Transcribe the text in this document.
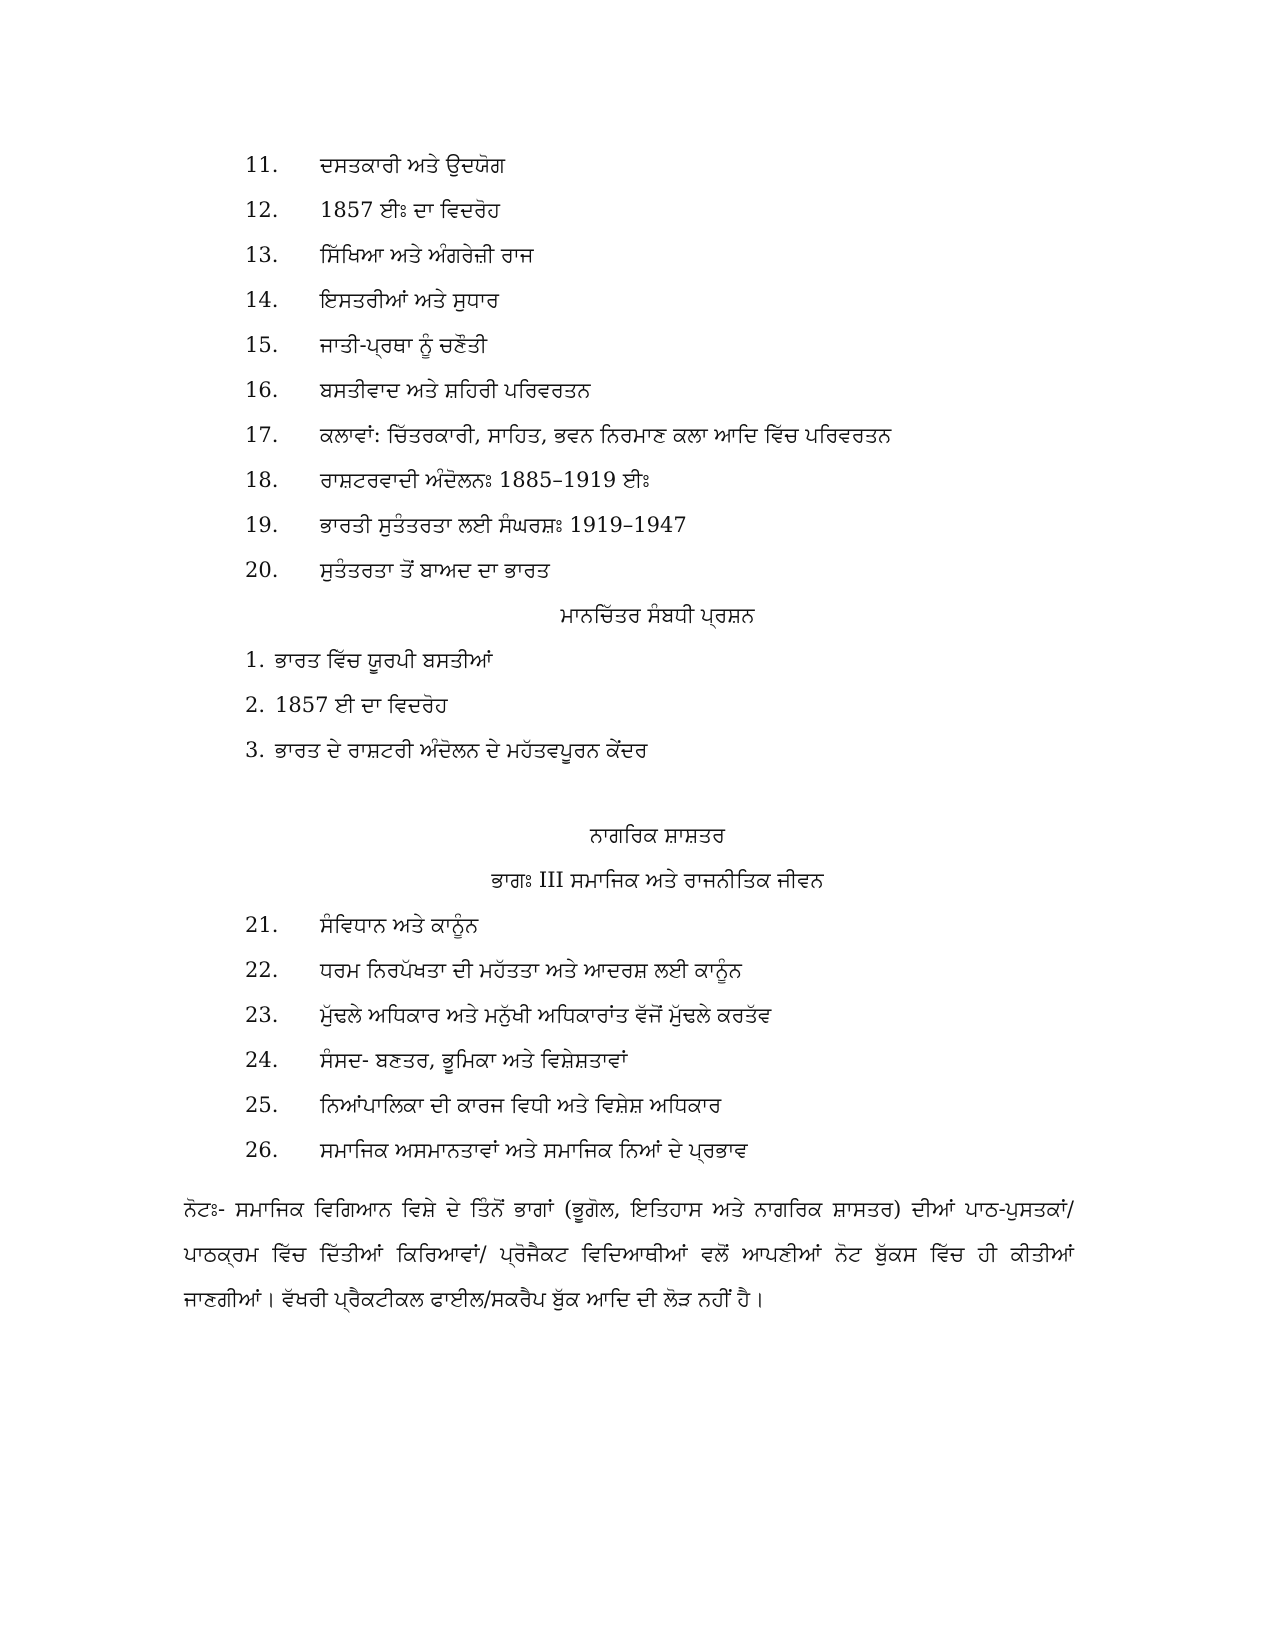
11. ਦਸਤਕਾਰੀ ਅਤੇ ਉਦਯੋਗ
12. 1857 ਈਃ ਦਾ ਵਿਦਰੋਹ
13. ਸਿੱਖਿਆ ਅਤੇ ਅੰਗਰੇਜ਼ੀ ਰਾਜ
14. ਇਸਤਰੀਆਂ ਅਤੇ ਸੁਧਾਰ
15. ਜਾਤੀ-ਪ੍ਰਥਾ ਨੂੰ ਚਣੌਤੀ
16. ਬਸਤੀਵਾਦ ਅਤੇ ਸ਼ਹਿਰੀ ਪਰਿਵਰਤਨ
17. ਕਲਾਵਾਂ: ਚਿੱਤਰਕਾਰੀ, ਸਾਹਿਤ, ਭਵਨ ਨਿਰਮਾਣ ਕਲਾ ਆਦਿ ਵਿੱਚ ਪਰਿਵਰਤਨ
18. ਰਾਸ਼ਟਰਵਾਦੀ ਅੰਦੋਲਨਃ 1885–1919 ਈਃ
19. ਭਾਰਤੀ ਸੁਤੰਤਰਤਾ ਲਈ ਸੰਘਰਸ਼ਃ 1919–1947
20. ਸੁਤੰਤਰਤਾ ਤੋਂ ਬਾਅਦ ਦਾ ਭਾਰਤ
ਮਾਨਚਿੱਤਰ ਸੰਬਧੀ ਪ੍ਰਸ਼ਨ
1. ਭਾਰਤ ਵਿੱਚ ਯੂਰਪੀ ਬਸਤੀਆਂ
2. 1857 ਈ ਦਾ ਵਿਦਰੋਹ
3. ਭਾਰਤ ਦੇ ਰਾਸ਼ਟਰੀ ਅੰਦੋਲਨ ਦੇ ਮਹੱਤਵਪੂਰਨ ਕੇਂਦਰ
ਨਾਗਰਿਕ ਸ਼ਾਸ਼ਤਰ
ਭਾਗਃ III ਸਮਾਜਿਕ ਅਤੇ ਰਾਜਨੀਤਿਕ ਜੀਵਨ
21. ਸੰਵਿਧਾਨ ਅਤੇ ਕਾਨੂੰਨ
22. ਧਰਮ ਨਿਰਪੱਖਤਾ ਦੀ ਮਹੱਤਤਾ ਅਤੇ ਆਦਰਸ਼ ਲਈ ਕਾਨੂੰਨ
23. ਮੁੱਢਲੇ ਅਧਿਕਾਰ ਅਤੇ ਮਨੁੱਖੀ ਅਧਿਕਾਰਾਂਤ ਵੱਜੋਂ ਮੁੱਢਲੇ ਕਰਤੱਵ
24. ਸੰਸਦ- ਬਣਤਰ, ਭੂਮਿਕਾ ਅਤੇ ਵਿਸ਼ੇਸ਼ਤਾਵਾਂ
25. ਨਿਆਂਪਾਲਿਕਾ ਦੀ ਕਾਰਜ ਵਿਧੀ ਅਤੇ ਵਿਸ਼ੇਸ਼ ਅਧਿਕਾਰ
26. ਸਮਾਜਿਕ ਅਸਮਾਨਤਾਵਾਂ ਅਤੇ ਸਮਾਜਿਕ ਨਿਆਂ ਦੇ ਪ੍ਰਭਾਵ
ਨੋਟਃ- ਸਮਾਜਿਕ ਵਿਗਿਆਨ ਵਿਸ਼ੇ ਦੇ ਤਿੰਨੋਂ ਭਾਗਾਂ (ਭੂਗੋਲ, ਇਤਿਹਾਸ ਅਤੇ ਨਾਗਰਿਕ ਸ਼ਾਸਤਰ) ਦੀਆਂ ਪਾਠ-ਪੁਸਤਕਾਂ/ਪਾਠਕ੍ਰਮ ਵਿੱਚ ਦਿੱਤੀਆਂ ਕਿਰਿਆਵਾਂ/ ਪ੍ਰੋਜੈਕਟ ਵਿਦਿਆਥੀਆਂ ਵਲੋਂ ਆਪਣੀਆਂ ਨੋਟ ਬੁੱਕਸ ਵਿੱਚ ਹੀ ਕੀਤੀਆਂ ਜਾਣਗੀਆਂ। ਵੱਖਰੀ ਪ੍ਰੈਕਟੀਕਲ ਫਾਈਲ/ਸਕਰੈਪ ਬੁੱਕ ਆਦਿ ਦੀ ਲੋੜ ਨਹੀਂ ਹੈ।
